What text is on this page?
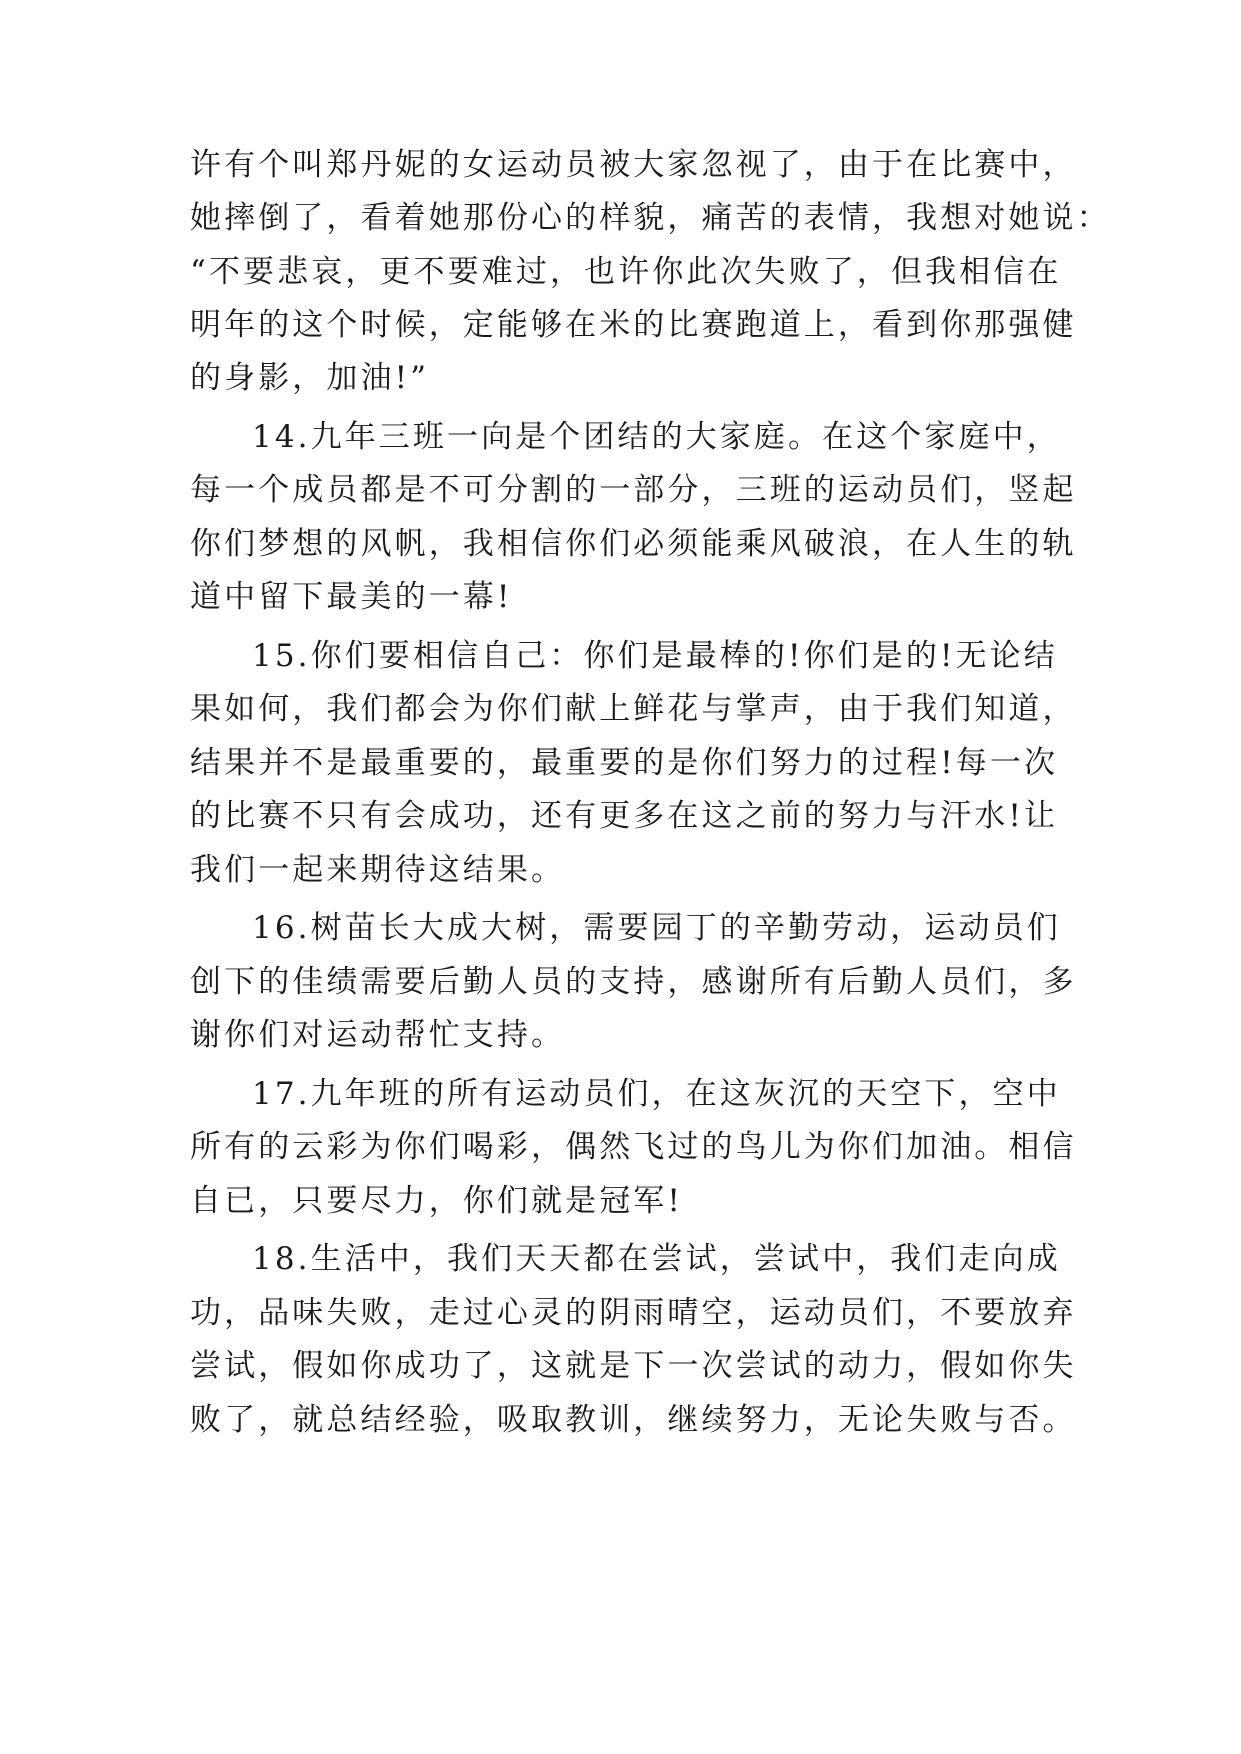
许有个叫郑丹妮的女运动员被大家忽视了，由于在比赛中，
她摔倒了，看着她那份心的样貌，痛苦的表情，我想对她说：
“不要悲哀，更不要难过，也许你此次失败了，但我相信在
明年的这个时候，定能够在米的比赛跑道上，看到你那强健
的身影，加油!”
14.九年三班一向是个团结的大家庭。在这个家庭中，
每一个成员都是不可分割的一部分，三班的运动员们，竖起
你们梦想的风帆，我相信你们必须能乘风破浪，在人生的轨
道中留下最美的一幕!
15.你们要相信自己：你们是最棒的!你们是的!无论结
果如何，我们都会为你们献上鲜花与掌声，由于我们知道，
结果并不是最重要的，最重要的是你们努力的过程!每一次
的比赛不只有会成功，还有更多在这之前的努力与汗水!让
我们一起来期待这结果。
16.树苗长大成大树，需要园丁的辛勤劳动，运动员们
创下的佳绩需要后勤人员的支持，感谢所有后勤人员们，多
谢你们对运动帮忙支持。
17.九年班的所有运动员们，在这灰沉的天空下，空中
所有的云彩为你们喝彩，偶然飞过的鸟儿为你们加油。相信
自已，只要尽力，你们就是冠军!
18.生活中，我们天天都在尝试，尝试中，我们走向成
功，品味失败，走过心灵的阴雨晴空，运动员们，不要放弃
尝试，假如你成功了，这就是下一次尝试的动力，假如你失
败了，就总结经验，吸取教训，继续努力，无论失败与否。
